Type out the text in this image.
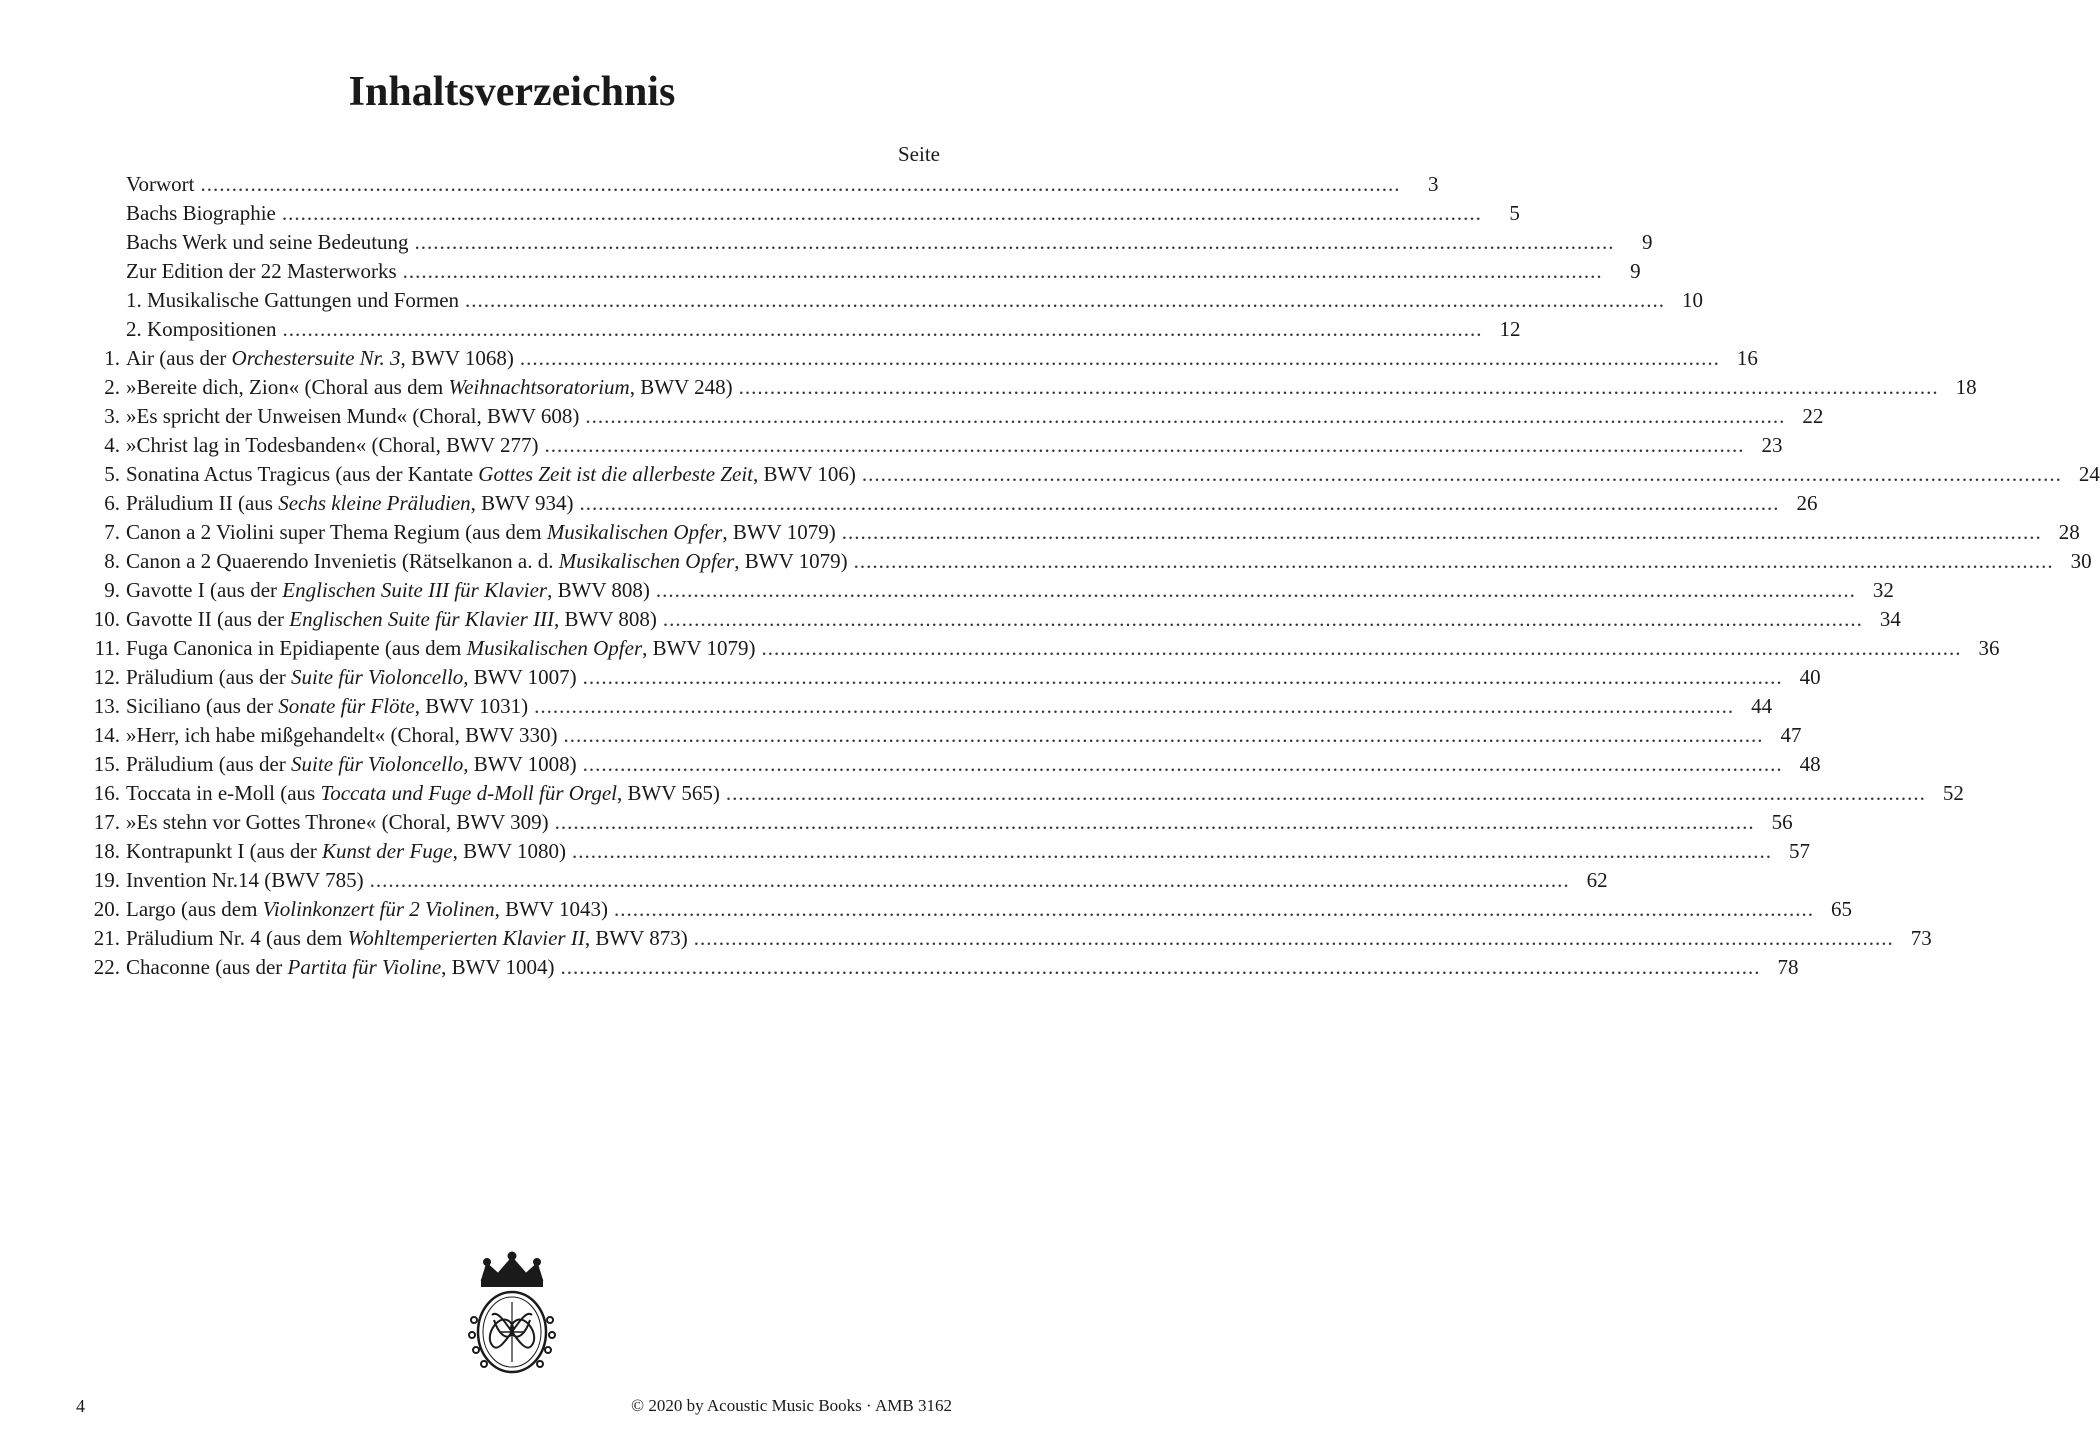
Inhaltsverzeichnis
Seite
Vorwort .....	3
Bachs Biographie .....	5
Bachs Werk und seine Bedeutung .....	9
Zur Edition der 22 Masterworks .....	9
1. Musikalische Gattungen und Formen .....	10
2. Kompositionen .....	12
1. Air (aus der Orchestersuite Nr. 3, BWV 1068) .....	16
2. »Bereite dich, Zion« (Choral aus dem Weihnachtsoratorium, BWV 248) .....	18
3. »Es spricht der Unweisen Mund« (Choral, BWV 608) .....	22
4. »Christ lag in Todesbanden« (Choral, BWV 277) .....	23
5. Sonatina Actus Tragicus (aus der Kantate Gottes Zeit ist die allerbeste Zeit, BWV 106) .....	24
6. Präludium II (aus Sechs kleine Präludien, BWV 934) .....	26
7. Canon a 2 Violini super Thema Regium (aus dem Musikalischen Opfer, BWV 1079) .....	28
8. Canon a 2 Quaerendo Invenietis (Rätselkanon a. d. Musikalischen Opfer, BWV 1079) .....	30
9. Gavotte I (aus der Englischen Suite III für Klavier, BWV 808) .....	32
10. Gavotte II (aus der Englischen Suite für Klavier III, BWV 808) .....	34
11. Fuga Canonica in Epidiapente (aus dem Musikalischen Opfer, BWV 1079) .....	36
12. Präludium (aus der Suite für Violoncello, BWV 1007) .....	40
13. Siciliano (aus der Sonate für Flöte, BWV 1031) .....	44
14. »Herr, ich habe mißgehandelt« (Choral, BWV 330) .....	47
15. Präludium (aus der Suite für Violoncello, BWV 1008) .....	48
16. Toccata in e-Moll (aus Toccata und Fuge d-Moll für Orgel, BWV 565) .....	52
17. »Es stehn vor Gottes Throne« (Choral, BWV 309) .....	56
18. Kontrapunkt I (aus der Kunst der Fuge, BWV 1080) .....	57
19. Invention Nr.14 (BWV 785) .....	62
20. Largo (aus dem Violinkonzert für 2 Violinen, BWV 1043) .....	65
21. Präludium Nr. 4 (aus dem Wohltemperierten Klavier II, BWV 873) .....	73
22. Chaconne (aus der Partita für Violine, BWV 1004) .....	78
4	© 2020 by Acoustic Music Books · AMB 3162
